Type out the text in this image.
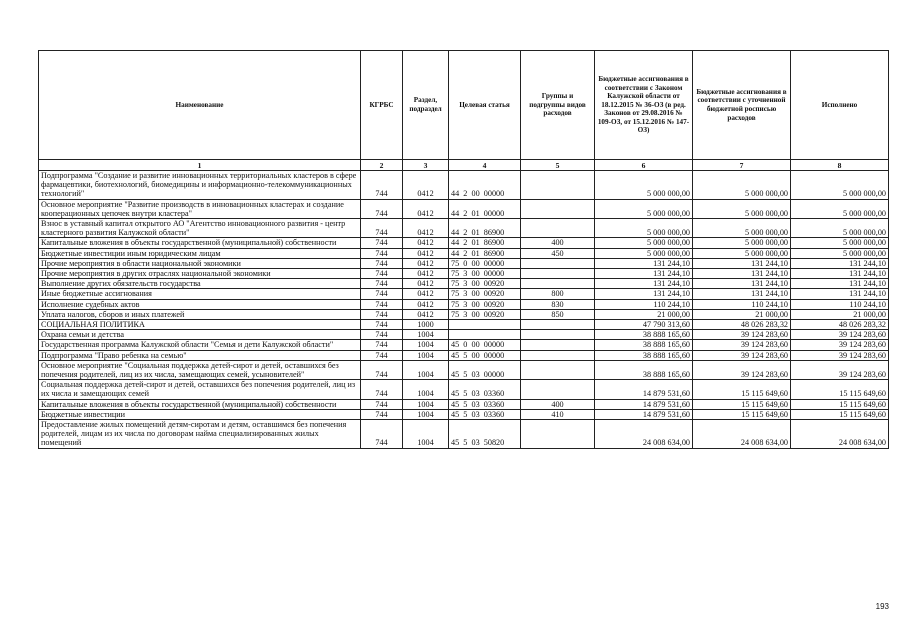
Наименование	КГРБС	Раздел, подраздел	Целевая статья	Группы и подгруппы видов расходов	Бюджетные ассигнования в соответствии с Законом Калужской области от 18.12.2015 № 36-ОЗ (в ред. Законов от 29.08.2016 № 109-ОЗ, от 15.12.2016 № 147-ОЗ)	Бюджетные ассигнования в соответствии с уточненной бюджетной росписью расходов	Исполнено
1	2	3	4	5	6	7	8
Подпрограмма "Создание и развитие инновационных территориальных кластеров в сфере фармацевтики, биотехнологий, биомедицины и информационно-телекоммуникационных технологий"	744	0412	44  2  00  00000		5 000 000,00	5 000 000,00	5 000 000,00
Основное мероприятие "Развитие производств в инновационных кластерах и создание кооперационных цепочек внутри кластера"	744	0412	44  2  01  00000		5 000 000,00	5 000 000,00	5 000 000,00
Взнос в уставный капитал открытого АО "Агентство инновационного развития - центр кластерного развития Калужской области"	744	0412	44  2  01  86900		5 000 000,00	5 000 000,00	5 000 000,00
Капитальные вложения в объекты государственной (муниципальной) собственности	744	0412	44  2  01  86900	400	5 000 000,00	5 000 000,00	5 000 000,00
Бюджетные инвестиции иным юридическим лицам	744	0412	44  2  01  86900	450	5 000 000,00	5 000 000,00	5 000 000,00
Прочие мероприятия в области национальной экономики	744	0412	75  0  00  00000		131 244,10	131 244,10	131 244,10
Прочие мероприятия в других отраслях национальной экономики	744	0412	75  3  00  00000		131 244,10	131 244,10	131 244,10
Выполнение других обязательств государства	744	0412	75  3  00  00920		131 244,10	131 244,10	131 244,10
Иные бюджетные ассигнования	744	0412	75  3  00  00920	800	131 244,10	131 244,10	131 244,10
Исполнение судебных актов	744	0412	75  3  00  00920	830	110 244,10	110 244,10	110 244,10
Уплата налогов, сборов и иных платежей	744	0412	75  3  00  00920	850	21 000,00	21 000,00	21 000,00
СОЦИАЛЬНАЯ ПОЛИТИКА	744	1000			47 790 313,60	48 026 283,32	48 026 283,32
Охрана семьи и детства	744	1004			38 888 165,60	39 124 283,60	39 124 283,60
Государственная программа Калужской области "Семья и дети Калужской области"	744	1004	45  0  00  00000		38 888 165,60	39 124 283,60	39 124 283,60
Подпрограмма "Право ребенка на семью"	744	1004	45  5  00  00000		38 888 165,60	39 124 283,60	39 124 283,60
Основное мероприятие "Социальная поддержка детей-сирот и детей, оставшихся без попечения родителей, лиц из их числа, замещающих семей, усыновителей"	744	1004	45  5  03  00000		38 888 165,60	39 124 283,60	39 124 283,60
Социальная поддержка детей-сирот и детей, оставшихся без попечения родителей, лиц из их числа и замещающих семей	744	1004	45  5  03  03360		14 879 531,60	15 115 649,60	15 115 649,60
Капитальные вложения в объекты государственной (муниципальной) собственности	744	1004	45  5  03  03360	400	14 879 531,60	15 115 649,60	15 115 649,60
Бюджетные инвестиции	744	1004	45  5  03  03360	410	14 879 531,60	15 115 649,60	15 115 649,60
Предоставление жилых помещений детям-сиротам и детям, оставшимся без попечения родителей, лицам из их числа по договорам найма специализированных жилых помещений	744	1004	45  5  03  50820		24 008 634,00	24 008 634,00	24 008 634,00
193
